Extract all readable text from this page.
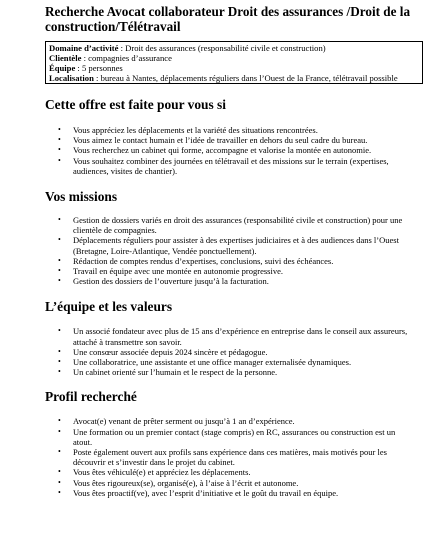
Recherche Avocat collaborateur Droit des assurances /Droit de la construction/Télétravail

Domaine d’activité : Droit des assurances (responsabilité civile et construction)

Clientèle : compagnies d’assurance

Équipe : 5 personnes

Localisation : bureau à Nantes, déplacements réguliers dans l’Ouest de la France, télétravail possible

Cette offre est faite pour vous si
• Vous appréciez les déplacements et la variété des situations rencontrées.
• Vous aimez le contact humain et l’idée de travailler en dehors du seul cadre du bureau.
• Vous recherchez un cabinet qui forme, accompagne et valorise la montée en autonomie.
• Vous souhaitez combiner des journées en télétravail et des missions sur le terrain (expertises, audiences, visites de chantier).
Vos missions
• Gestion de dossiers variés en droit des assurances (responsabilité civile et construction) pour une clientèle de compagnies.
• Déplacements réguliers pour assister à des expertises judiciaires et à des audiences dans l’Ouest (Bretagne, Loire-Atlantique, Vendée ponctuellement).
• Rédaction de comptes rendus d’expertises, conclusions, suivi des échéances.
• Travail en équipe avec une montée en autonomie progressive.
• Gestion des dossiers de l’ouverture jusqu’à la facturation.
L’équipe et les valeurs
• Un associé fondateur avec plus de 15 ans d’expérience en entreprise dans le conseil aux assureurs, attaché à transmettre son savoir.
• Une consœur associée depuis 2024 sincère et pédagogue.
• Une collaboratrice, une assistante et une office manager externalisée dynamiques.
• Un cabinet orienté sur l’humain et le respect de la personne.
Profil recherché
• Avocat(e) venant de prêter serment ou jusqu’à 1 an d’expérience.
• Une formation ou un premier contact (stage compris) en RC, assurances ou construction est un atout.
• Poste également ouvert aux profils sans expérience dans ces matières, mais motivés pour les découvrir et s’investir dans le projet du cabinet.
• Vous êtes véhiculé(e) et appréciez les déplacements.
• Vous êtes rigoureux(se), organisé(e), à l’aise à l’écrit et autonome.
• Vous êtes proactif(ve), avec l’esprit d’initiative et le goût du travail en équipe.
